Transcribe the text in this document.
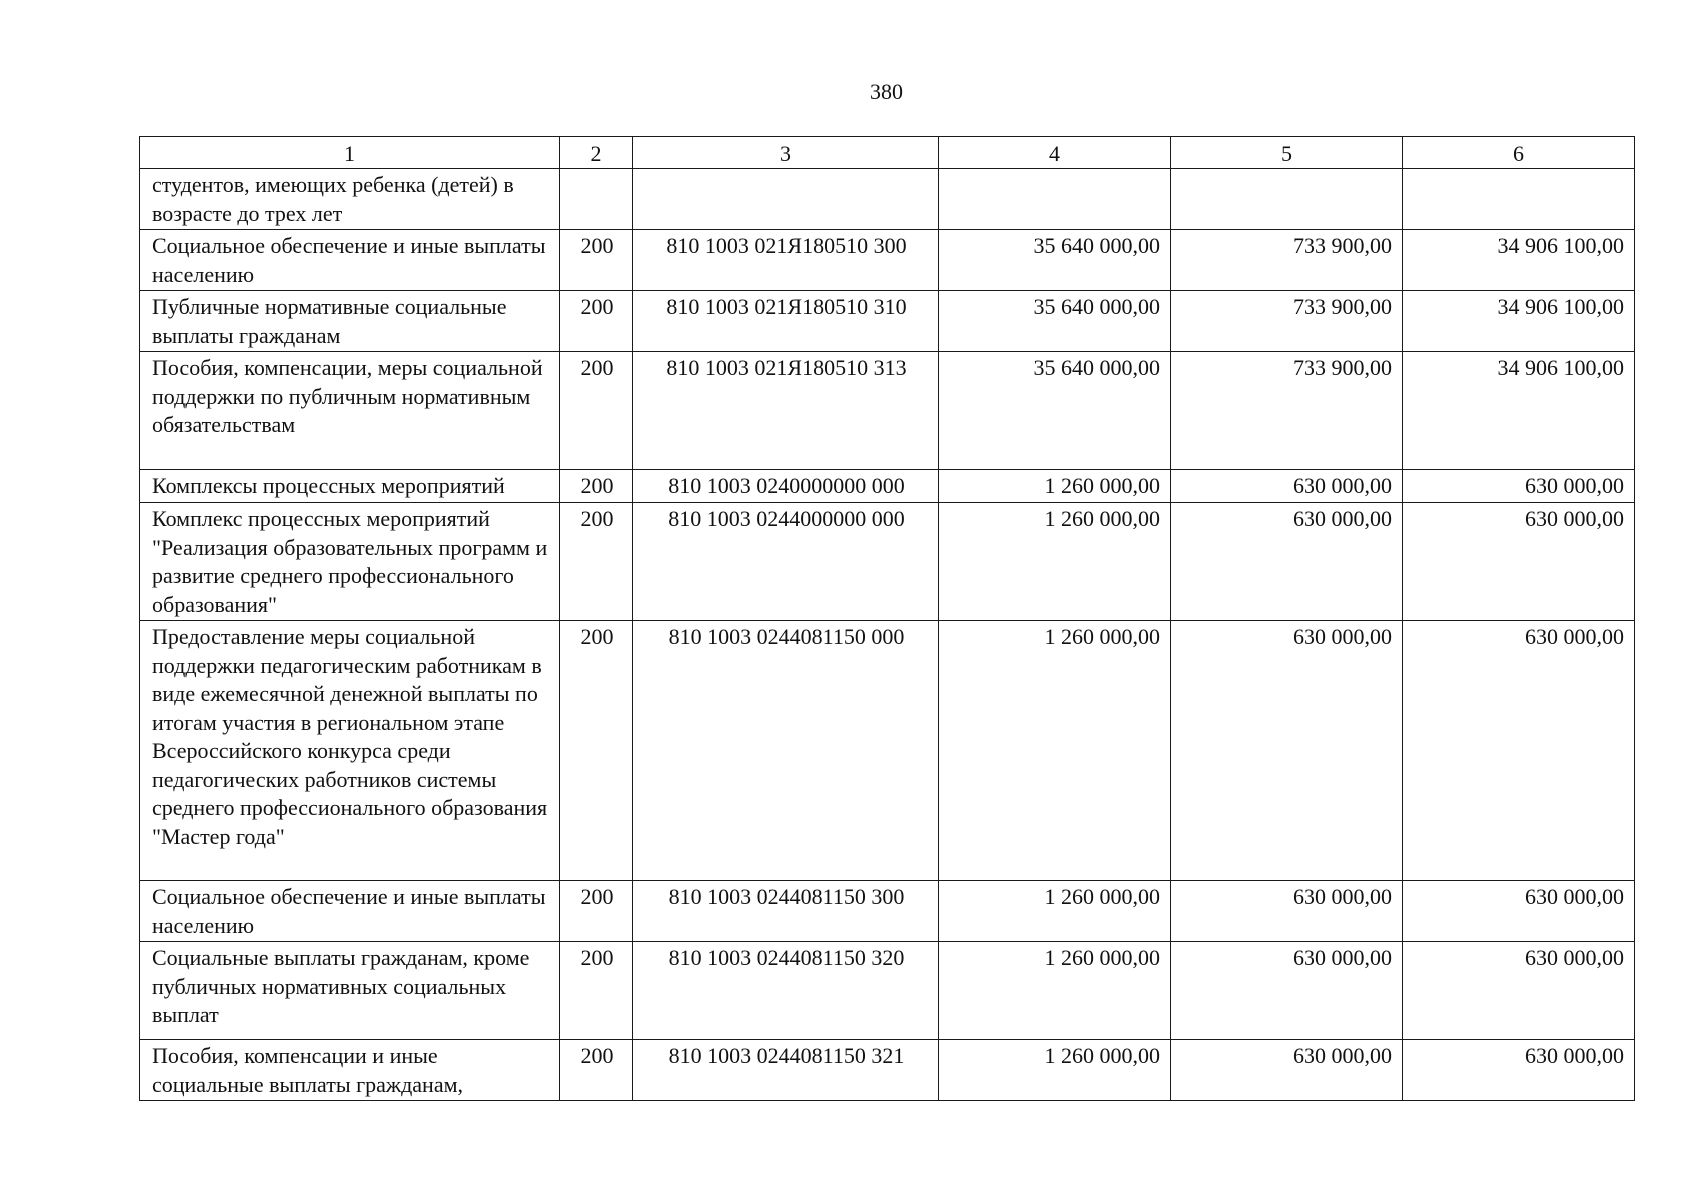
380
1	2	3	4	5	6
студентов, имеющих ребенка (детей) в возрасте до трех лет					
Социальное обеспечение и иные выплаты населению	200	810 1003 021Я180510 300	35 640 000,00	733 900,00	34 906 100,00
Публичные нормативные социальные выплаты гражданам	200	810 1003 021Я180510 310	35 640 000,00	733 900,00	34 906 100,00
Пособия, компенсации, меры социальной поддержки по публичным нормативным обязательствам	200	810 1003 021Я180510 313	35 640 000,00	733 900,00	34 906 100,00
Комплексы процессных мероприятий	200	810 1003 0240000000 000	1 260 000,00	630 000,00	630 000,00
Комплекс процессных мероприятий "Реализация образовательных программ и развитие среднего профессионального образования"	200	810 1003 0244000000 000	1 260 000,00	630 000,00	630 000,00
Предоставление меры социальной поддержки педагогическим работникам в виде ежемесячной денежной выплаты по итогам участия в региональном этапе Всероссийского конкурса среди педагогических работников системы среднего профессионального образования "Мастер года"	200	810 1003 0244081150 000	1 260 000,00	630 000,00	630 000,00
Социальное обеспечение и иные выплаты населению	200	810 1003 0244081150 300	1 260 000,00	630 000,00	630 000,00
Социальные выплаты гражданам, кроме публичных нормативных социальных выплат	200	810 1003 0244081150 320	1 260 000,00	630 000,00	630 000,00
Пособия, компенсации и иные социальные выплаты гражданам,	200	810 1003 0244081150 321	1 260 000,00	630 000,00	630 000,00
